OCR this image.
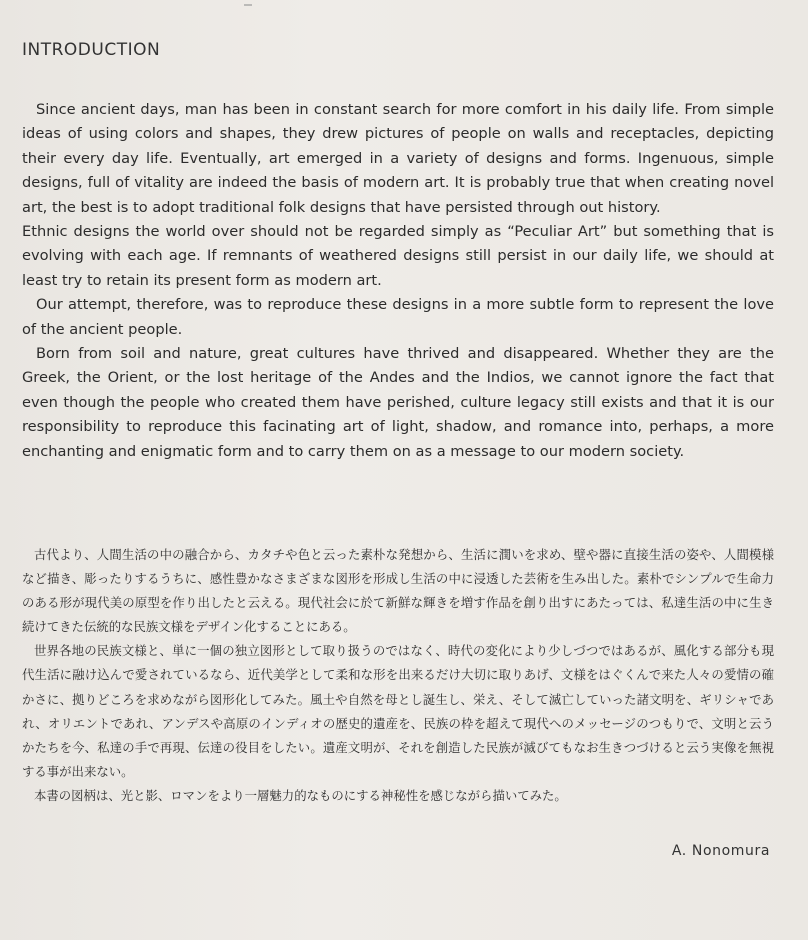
INTRODUCTION

Since ancient days, man has been in constant search for more comfort in his daily life. From simple ideas of using colors and shapes, they drew pictures of people on walls and receptacles, depicting their every day life. Eventually, art emerged in a variety of designs and forms. Ingenuous, simple designs, full of vitality are indeed the basis of modern art. It is probably true that when creating novel art, the best is to adopt traditional folk designs that have persisted through out history.

Ethnic designs the world over should not be regarded simply as “Peculiar Art” but something that is evolving with each age. If remnants of weathered designs still persist in our daily life, we should at least try to retain its present form as modern art.

Our attempt, therefore, was to reproduce these designs in a more subtle form to represent the love of the ancient people.

Born from soil and nature, great cultures have thrived and disappeared. Whether they are the Greek, the Orient, or the lost heritage of the Andes and the Indios, we cannot ignore the fact that even though the people who created them have perished, culture legacy still exists and that it is our responsibility to reproduce this facinating art of light, shadow, and romance into, perhaps, a more enchanting and enigmatic form and to carry them on as a message to our modern society.

古代より、人間生活の中の融合から、カタチや色と云った素朴な発想から、生活に潤いを求め、壁や器に直接生活の姿や、人間模様など描き、彫ったりするうちに、感性豊かなさまざまな図形を形成し生活の中に浸透した芸術を生み出した。素朴でシンプルで生命力のある形が現代美の原型を作り出したと云える。現代社会に於て新鮮な輝きを増す作品を創り出すにあたっては、私達生活の中に生き続けてきた伝統的な民族文様をデザイン化することにある。

世界各地の民族文様と、単に一個の独立図形として取り扱うのではなく、時代の変化により少しづつではあるが、風化する部分も現代生活に融け込んで愛されているなら、近代美学として柔和な形を出来るだけ大切に取りあげ、文様をはぐくんで来た人々の愛情の確かさに、拠りどころを求めながら図形化してみた。風土や自然を母とし誕生し、栄え、そして滅亡していった諸文明を、ギリシャであれ、オリエントであれ、アンデスや高原のインディオの歴史的遺産を、民族の枠を超えて現代へのメッセージのつもりで、文明と云うかたちを今、私達の手で再現、伝達の役目をしたい。遺産文明が、それを創造した民族が滅びてもなお生きつづけると云う実像を無視する事が出来ない。

本書の図柄は、光と影、ロマンをより一層魅力的なものにする神秘性を感じながら描いてみた。

A. Nonomura
